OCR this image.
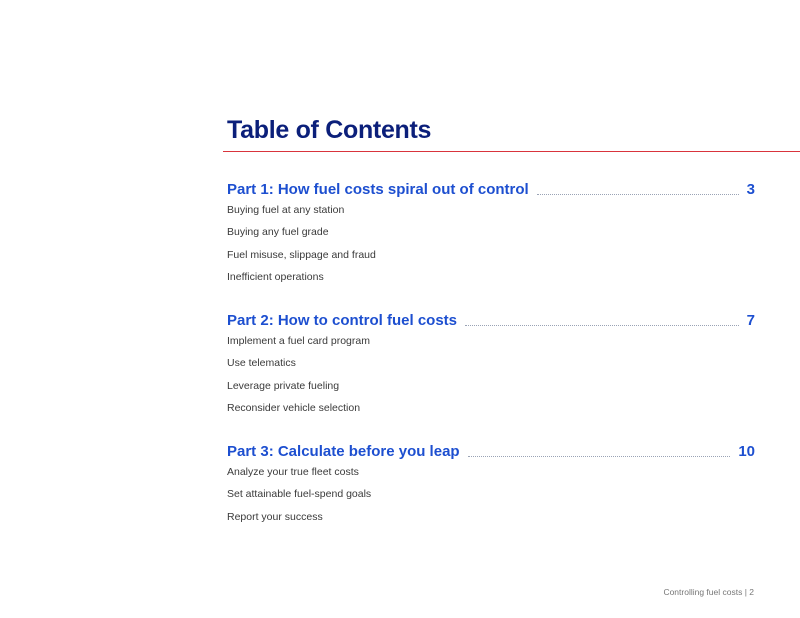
Table of Contents
Part 1: How fuel costs spiral out of control	3
Buying fuel at any station
Buying any fuel grade
Fuel misuse, slippage and fraud
Inefficient operations
Part 2: How to control fuel costs	7
Implement a fuel card program
Use telematics
Leverage private fueling
Reconsider vehicle selection
Part 3: Calculate before you leap	10
Analyze your true fleet costs
Set attainable fuel-spend goals
Report your success
Controlling fuel costs | 2
